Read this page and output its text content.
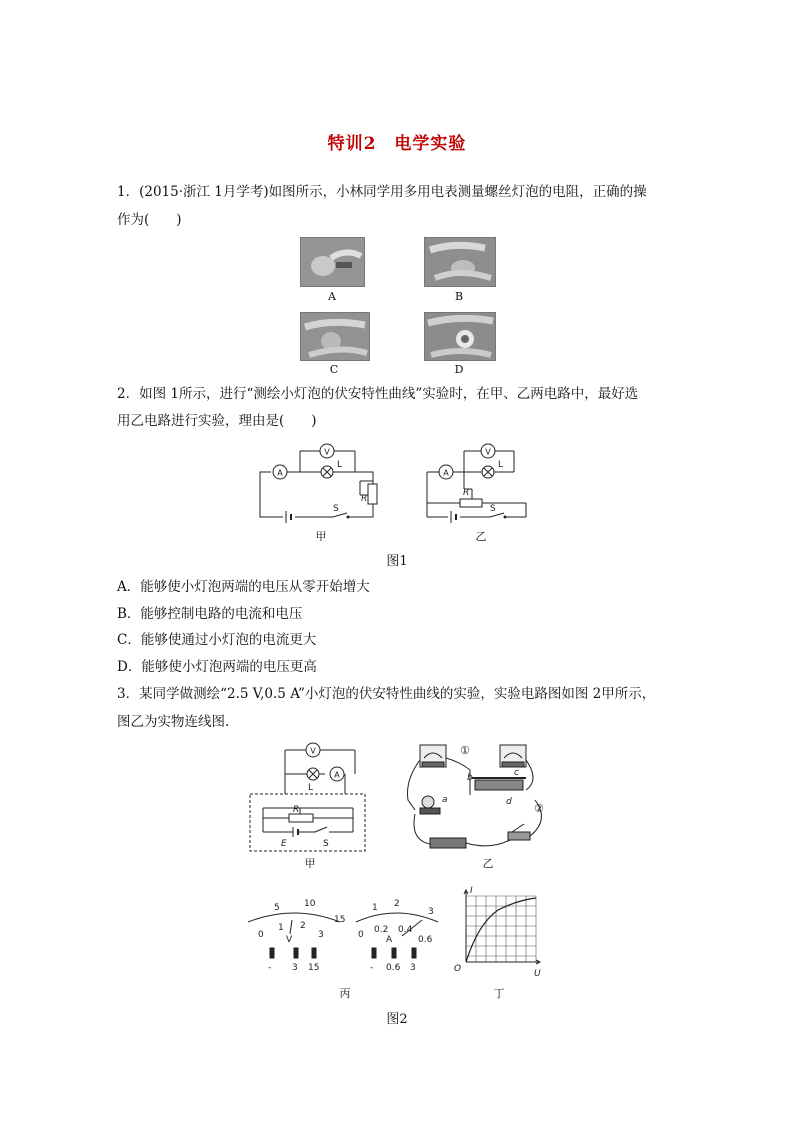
特训2　电学实验
1．(2015·浙江 1月学考)如图所示，小林同学用多用电表测量螺丝灯泡的电阻，正确的操
作为(　　)
A	B
C	D
2．如图 1所示，进行“测绘小灯泡的伏安特性曲线”实验时，在甲、乙两电路中，最好选
用乙电路进行实验，理由是(　　)
A
V
L
R
S
A
V
L
R
S
甲	乙
图1
A．能够使小灯泡两端的电压从零开始增大
B．能够控制电路的电流和电压
C．能够使通过小灯泡的电流更大
D．能够使小灯泡两端的电压更高
3．某同学做测绘“2.5 V,0.5 A”小灯泡的伏安特性曲线的实验，实验电路图如图 2甲所示，
图乙为实物连线图.
V
L
A
R
E	S
甲
①
②
a
b	c
d
乙
5	10
15
0
1 2
3
V
- 3 15
1 2
3
0 0.2 0.4
0.6
A
- 0.6 3
I
U
O
丙	丁
图2
